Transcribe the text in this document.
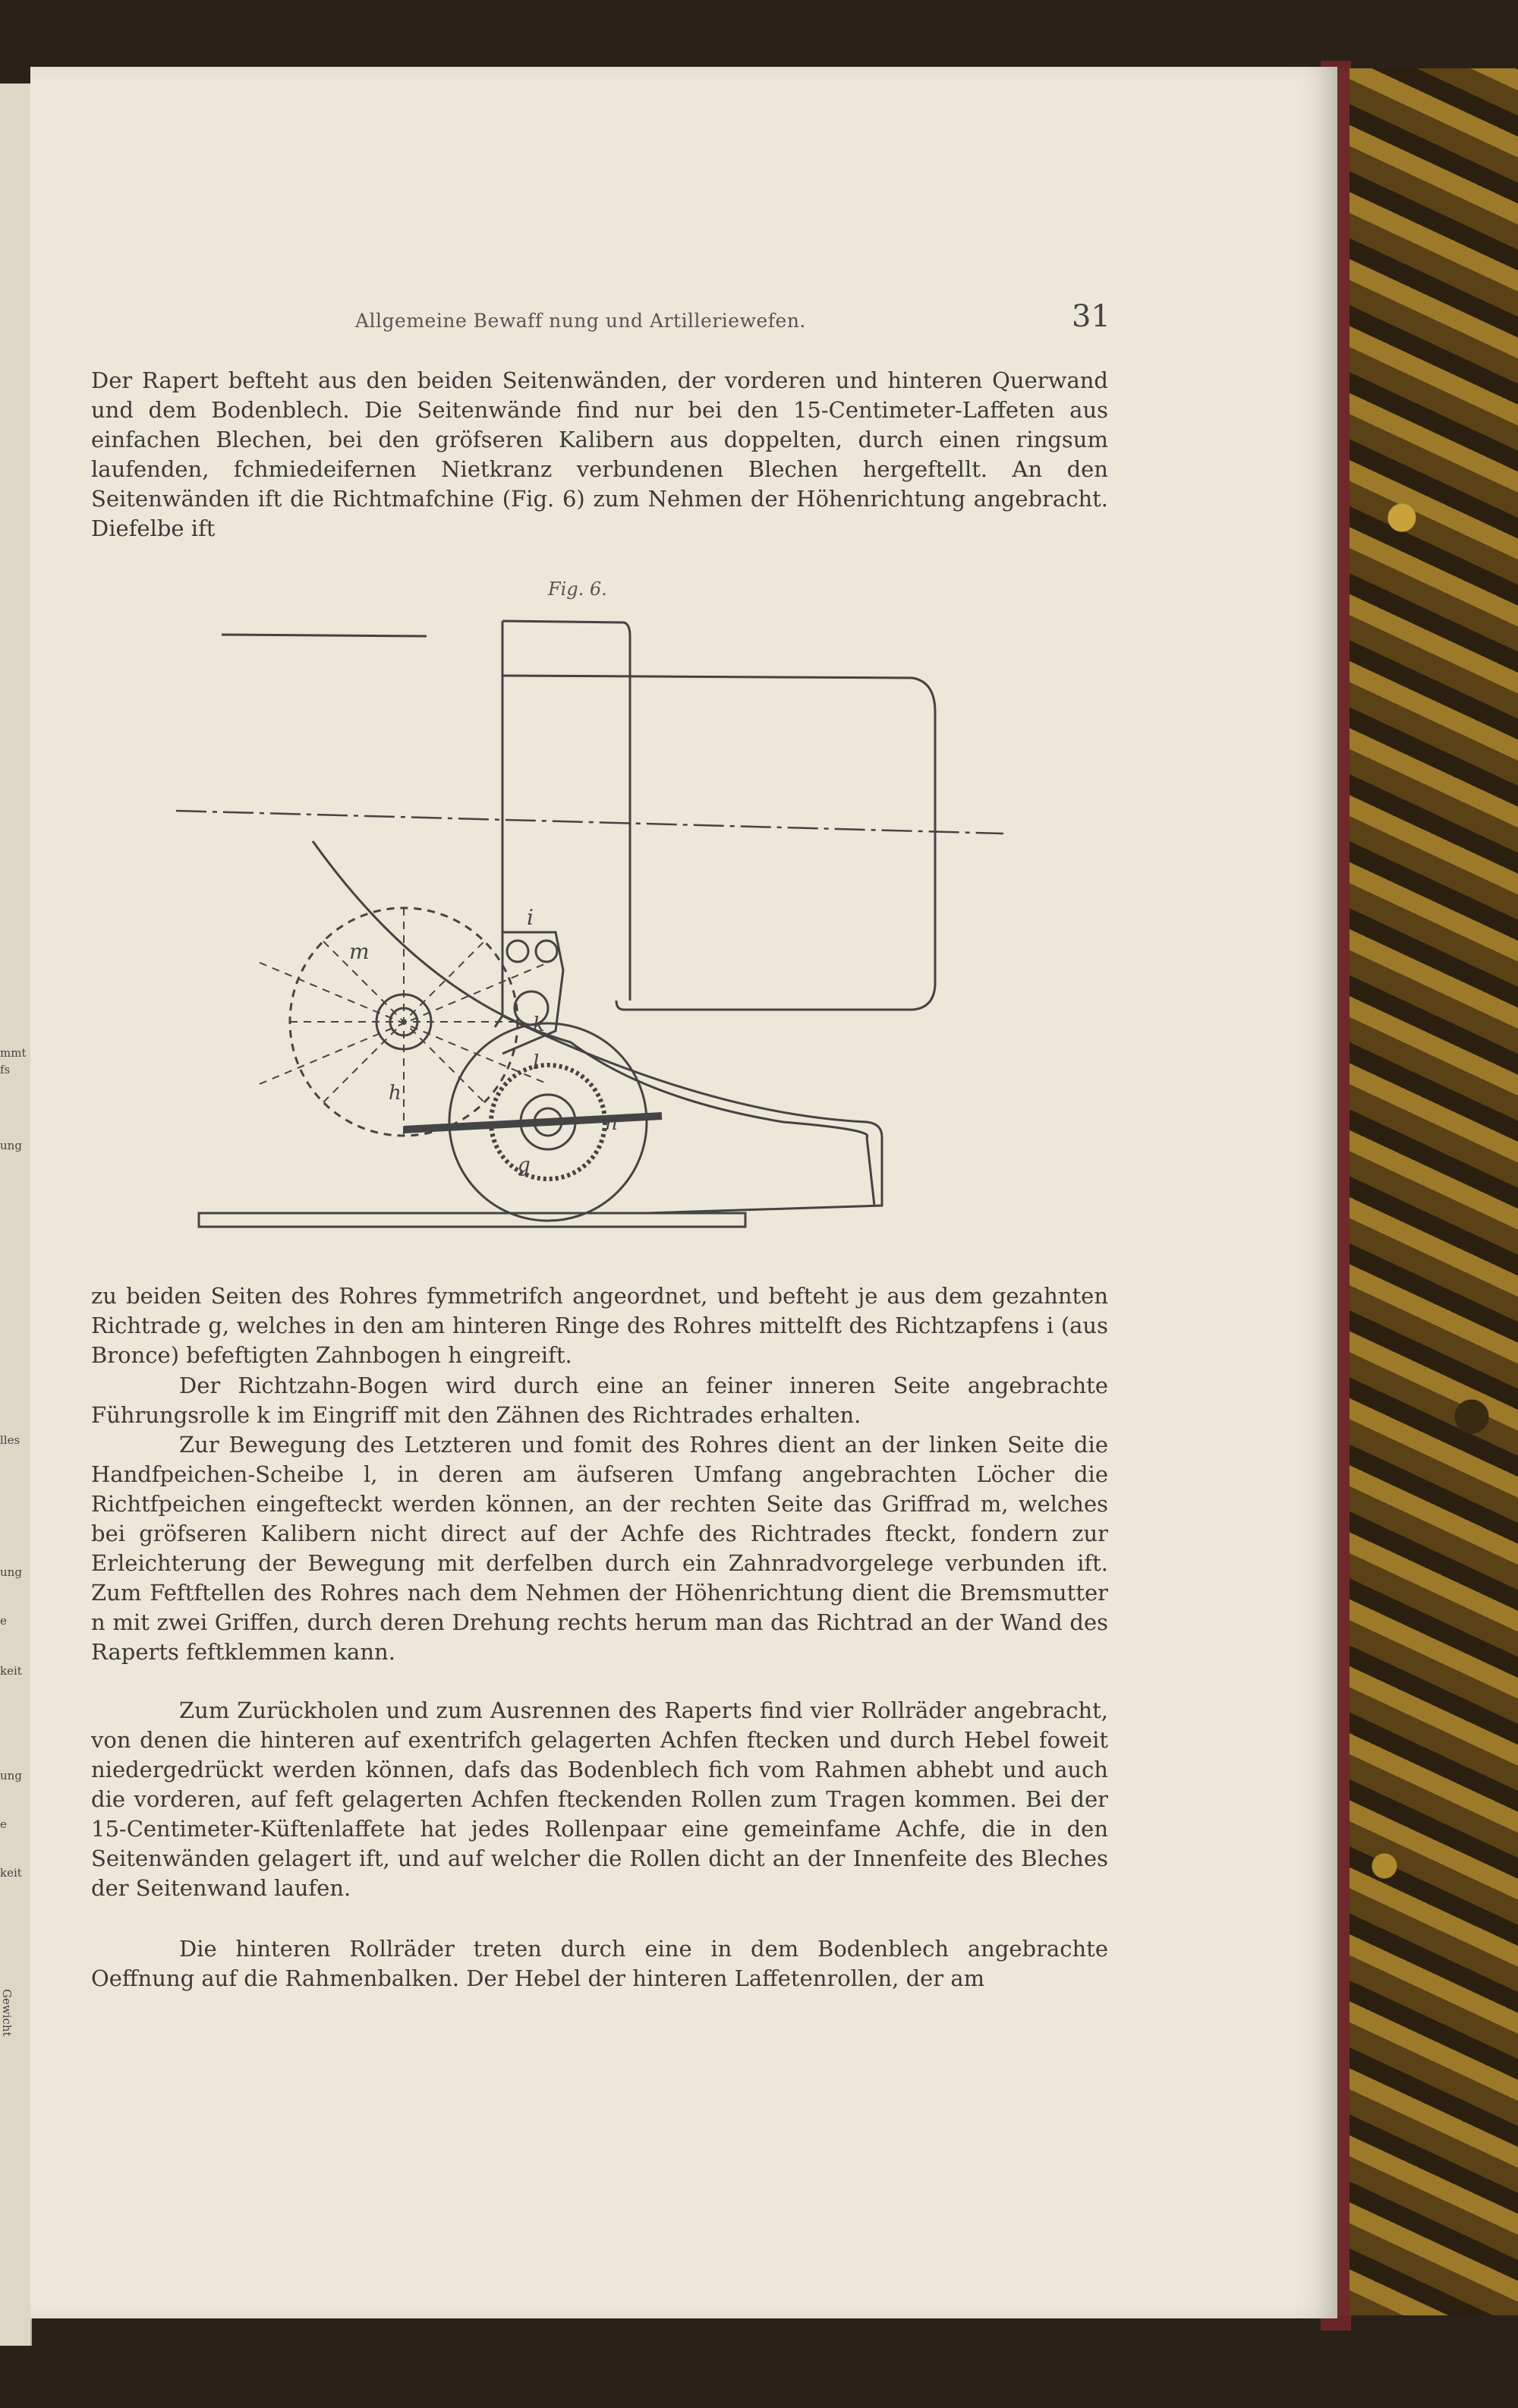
mmt
fs
ung
lles
ung
e
keit
ung
e
keit
Gewicht
Allgemeine Bewaff nung und Artilleriewefen.	31

Der Rapert befteht aus den beiden Seitenwänden, der vorderen und hinteren Querwand und dem Bodenblech. Die Seitenwände find nur bei den 15-Centimeter-Laffeten aus einfachen Blechen, bei den gröfseren Kalibern aus doppelten, durch einen ringsum laufenden, fchmiedeifernen Nietkranz verbundenen Blechen hergeftellt. An den Seitenwänden ift die Richtmafchine (Fig. 6) zum Nehmen der Höhenrichtung angebracht. Diefelbe ift

Fig. 6.
m
i
k
h
l
n
g

zu beiden Seiten des Rohres fymmetrifch angeordnet, und befteht je aus dem gezahnten Richtrade g, welches in den am hinteren Ringe des Rohres mittelft des Richtzapfens i (aus Bronce) befeftigten Zahnbogen h eingreift.

Der Richtzahn-Bogen wird durch eine an feiner inneren Seite angebrachte Führungsrolle k im Eingriff mit den Zähnen des Richtrades erhalten.

Zur Bewegung des Letzteren und fomit des Rohres dient an der linken Seite die Handfpeichen-Scheibe l, in deren am äufseren Umfang angebrachten Löcher die Richtfpeichen eingefteckt werden können, an der rechten Seite das Griffrad m, welches bei gröfseren Kalibern nicht direct auf der Achfe des Richtrades fteckt, fondern zur Erleichterung der Bewegung mit derfelben durch ein Zahnradvorgelege verbunden ift. Zum Feftftellen des Rohres nach dem Nehmen der Höhenrichtung dient die Bremsmutter n mit zwei Griffen, durch deren Drehung rechts herum man das Richtrad an der Wand des Raperts feftklemmen kann.

Zum Zurückholen und zum Ausrennen des Raperts find vier Rollräder angebracht, von denen die hinteren auf exentrifch gelagerten Achfen ftecken und durch Hebel foweit niedergedrückt werden können, dafs das Bodenblech fich vom Rahmen abhebt und auch die vorderen, auf feft gelagerten Achfen fteckenden Rollen zum Tragen kommen. Bei der 15-Centimeter-Küftenlaffete hat jedes Rollenpaar eine gemeinfame Achfe, die in den Seitenwänden gelagert ift, und auf welcher die Rollen dicht an der Innenfeite des Bleches der Seitenwand laufen.

Die hinteren Rollräder treten durch eine in dem Bodenblech angebrachte Oeffnung auf die Rahmenbalken. Der Hebel der hinteren Laffetenrollen, der am
